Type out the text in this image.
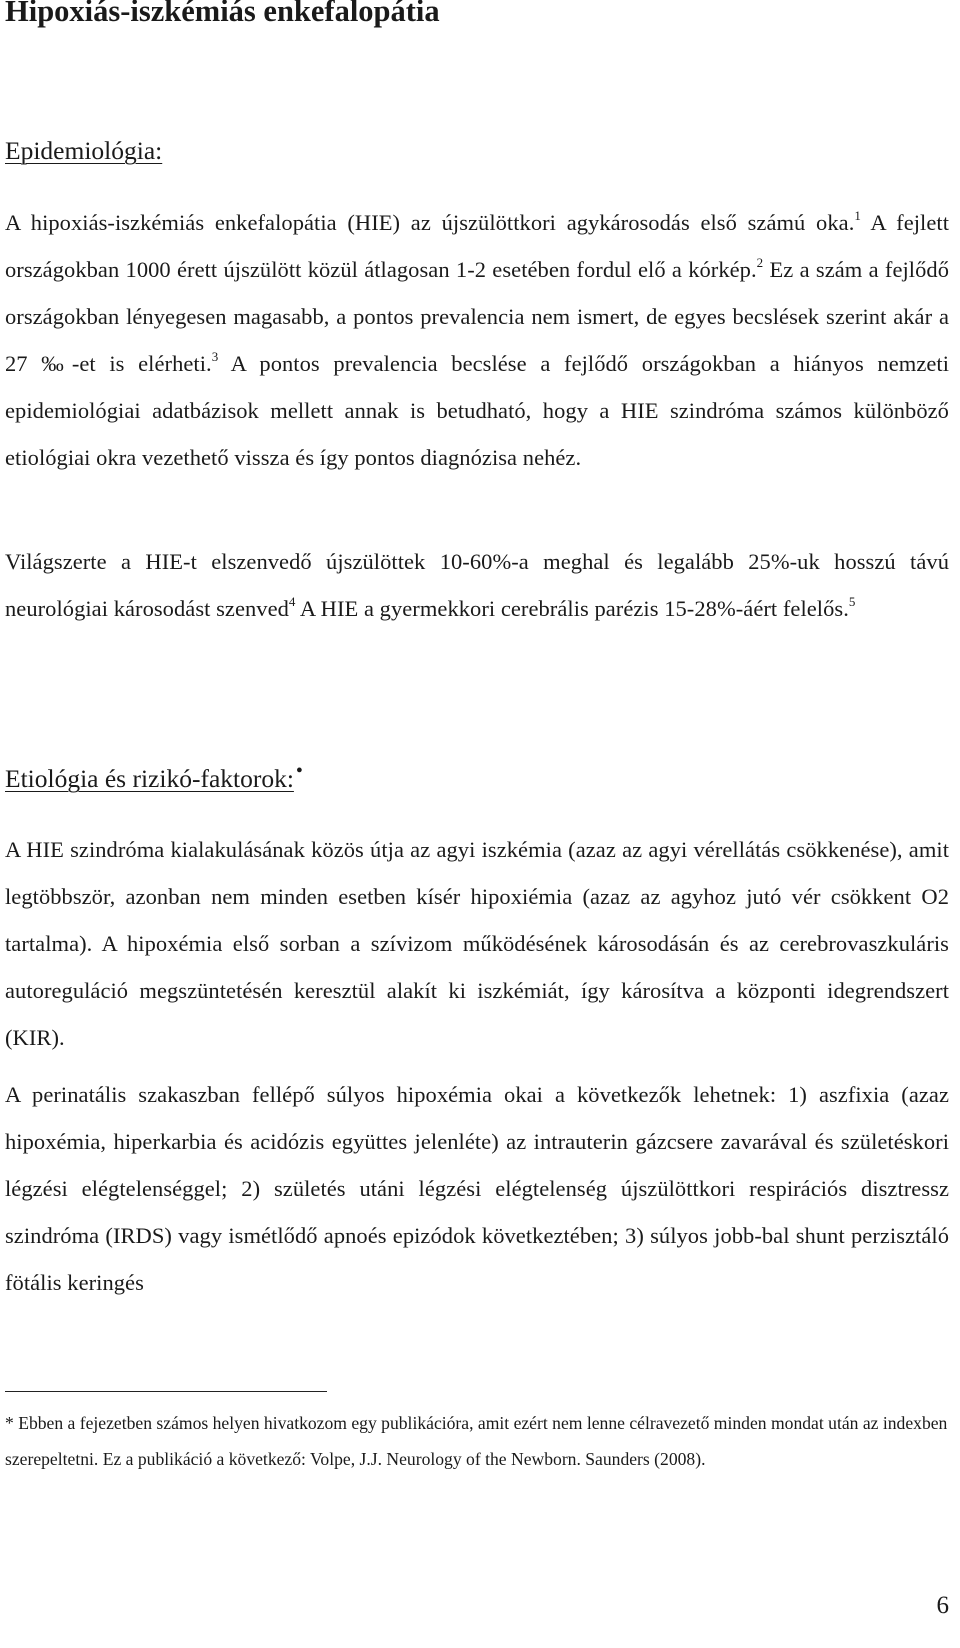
Hipoxiás-iszkémiás enkefalopátia
Epidemiológia:

A hipoxiás-iszkémiás enkefalopátia (HIE) az újszülöttkori agykárosodás első számú oka.$^1$ A fejlett országokban 1000 érett újszülött közül átlagosan 1-2 esetében fordul elő a kórkép.$^2$ Ez a szám a fejlődő országokban lényegesen magasabb, a pontos prevalencia nem ismert, de egyes becslések szerint akár a 27 ‰-et is elérheti.$^3$ A pontos prevalencia becslése a fejlődő országokban a hiányos nemzeti epidemiológiai adatbázisok mellett annak is betudható, hogy a HIE szindróma számos különböző etiológiai okra vezethető vissza és így pontos diagnózisa nehéz.

Világszerte a HIE-t elszenvedő újszülöttek 10-60%-a meghal és legalább 25%-uk hosszú távú neurológiai károsodást szenved$^4$ A HIE a gyermekkori cerebrális parézis 15-28%-áért felelős.$^5$

Etiológia és rizikó-faktorok: •

A HIE szindróma kialakulásának közös útja az agyi iszkémia (azaz az agyi vérellátás csökkenése), amit legtöbbször, azonban nem minden esetben kísér hipoxiémia (azaz az agyhoz jutó vér csökkent O2 tartalma). A hipoxémia első sorban a szívizom működésének károsodásán és az cerebrovaszkuláris autoreguláció megszüntetésén keresztül alakít ki iszkémiát, így károsítva a központi idegrendszert (KIR).

A perinatális szakaszban fellépő súlyos hipoxémia okai a következők lehetnek: 1) aszfixia (azaz hipoxémia, hiperkarbia és acidózis együttes jelenléte) az intrauterin gázcsere zavarával és születéskori légzési elégtelenséggel; 2) születés utáni légzési elégtelenség újszülöttkori respirációs disztressz szindróma (IRDS) vagy ismétlődő apnoés epizódok következtében; 3) súlyos jobb-bal shunt perzisztáló fötális keringés

* Ebben a fejezetben számos helyen hivatkozom egy publikációra, amit ezért nem lenne célravezető minden mondat után az indexben szerepeltetni. Ez a publikáció a következő: Volpe, J.J. Neurology of the Newborn. Saunders (2008).

6
